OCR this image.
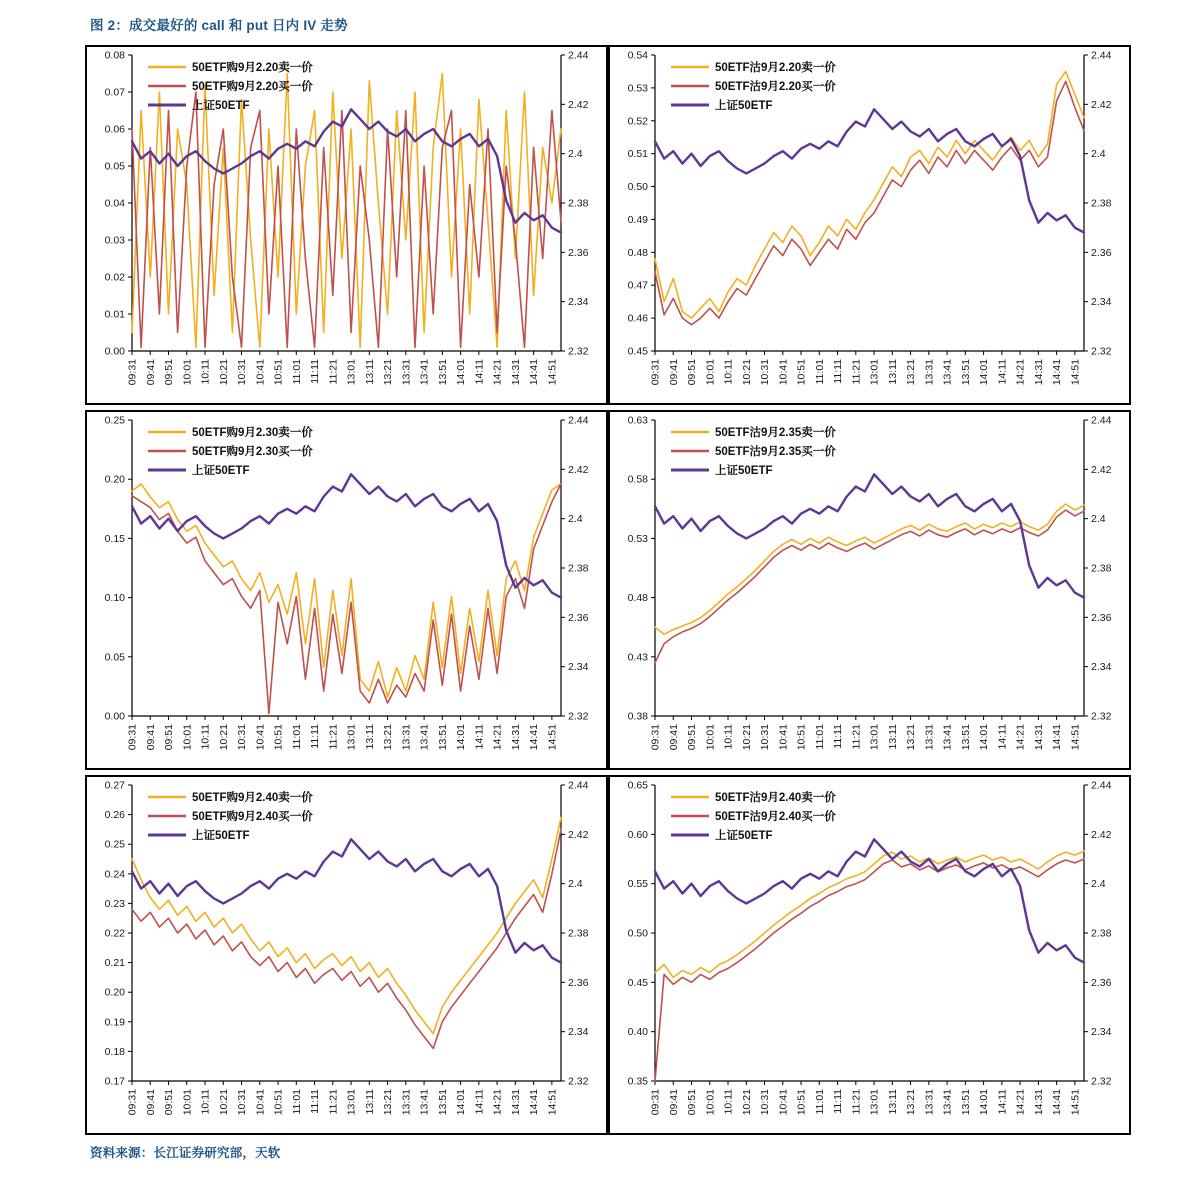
图 2：成交最好的 call 和 put 日内 IV 走势
0.08
0.07
0.06
0.05
0.04
0.03
0.02
0.01
0.00
2.44
2.42
2.4
2.38
2.36
2.34
2.32
09:31 09:41 09:51 10:01 10:11 10:21 10:31 10:41 10:51 11:01 11:11 11:21 13:01 13:11 13:21 13:31 13:41 13:51 14:01 14:11 14:21 14:31 14:41 14:51
50ETF购9月2.20卖一价
50ETF购9月2.20买一价
上证50ETF
0.54
0.53
0.52
0.51
0.50
0.49
0.48
0.47
0.46
0.45
2.44
2.42
2.4
2.38
2.36
2.34
2.32
09:31 09:41 09:51 10:01 10:11 10:21 10:31 10:41 10:51 11:01 11:11 11:21 13:01 13:11 13:21 13:31 13:41 13:51 14:01 14:11 14:21 14:31 14:41 14:51
50ETF沽9月2.20卖一价
50ETF沽9月2.20买一价
上证50ETF
0.25
0.20
0.15
0.10
0.05
0.00
2.44
2.42
2.4
2.38
2.36
2.34
2.32
09:31 09:41 09:51 10:01 10:11 10:21 10:31 10:41 10:51 11:01 11:11 11:21 13:01 13:11 13:21 13:31 13:41 13:51 14:01 14:11 14:21 14:31 14:41 14:51
50ETF购9月2.30卖一价
50ETF购9月2.30买一价
上证50ETF
0.63
0.58
0.53
0.48
0.43
0.38
2.44
2.42
2.4
2.38
2.36
2.34
2.32
09:31 09:41 09:51 10:01 10:11 10:21 10:31 10:41 10:51 11:01 11:11 11:21 13:01 13:11 13:21 13:31 13:41 13:51 14:01 14:11 14:21 14:31 14:41 14:51
50ETF沽9月2.35卖一价
50ETF沽9月2.35买一价
上证50ETF
0.27
0.26
0.25
0.24
0.23
0.22
0.21
0.20
0.19
0.18
0.17
2.44
2.42
2.4
2.38
2.36
2.34
2.32
09:31 09:41 09:51 10:01 10:11 10:21 10:31 10:41 10:51 11:01 11:11 11:21 13:01 13:11 13:21 13:31 13:41 13:51 14:01 14:11 14:21 14:31 14:41 14:51
50ETF购9月2.40卖一价
50ETF购9月2.40买一价
上证50ETF
0.65
0.60
0.55
0.50
0.45
0.40
0.35
2.44
2.42
2.4
2.38
2.36
2.34
2.32
09:31 09:41 09:51 10:01 10:11 10:21 10:31 10:41 10:51 11:01 11:11 11:21 13:01 13:11 13:21 13:31 13:41 13:51 14:01 14:11 14:21 14:31 14:41 14:51
50ETF沽9月2.40卖一价
50ETF沽9月2.40买一价
上证50ETF
资料来源：长江证券研究部，天软
